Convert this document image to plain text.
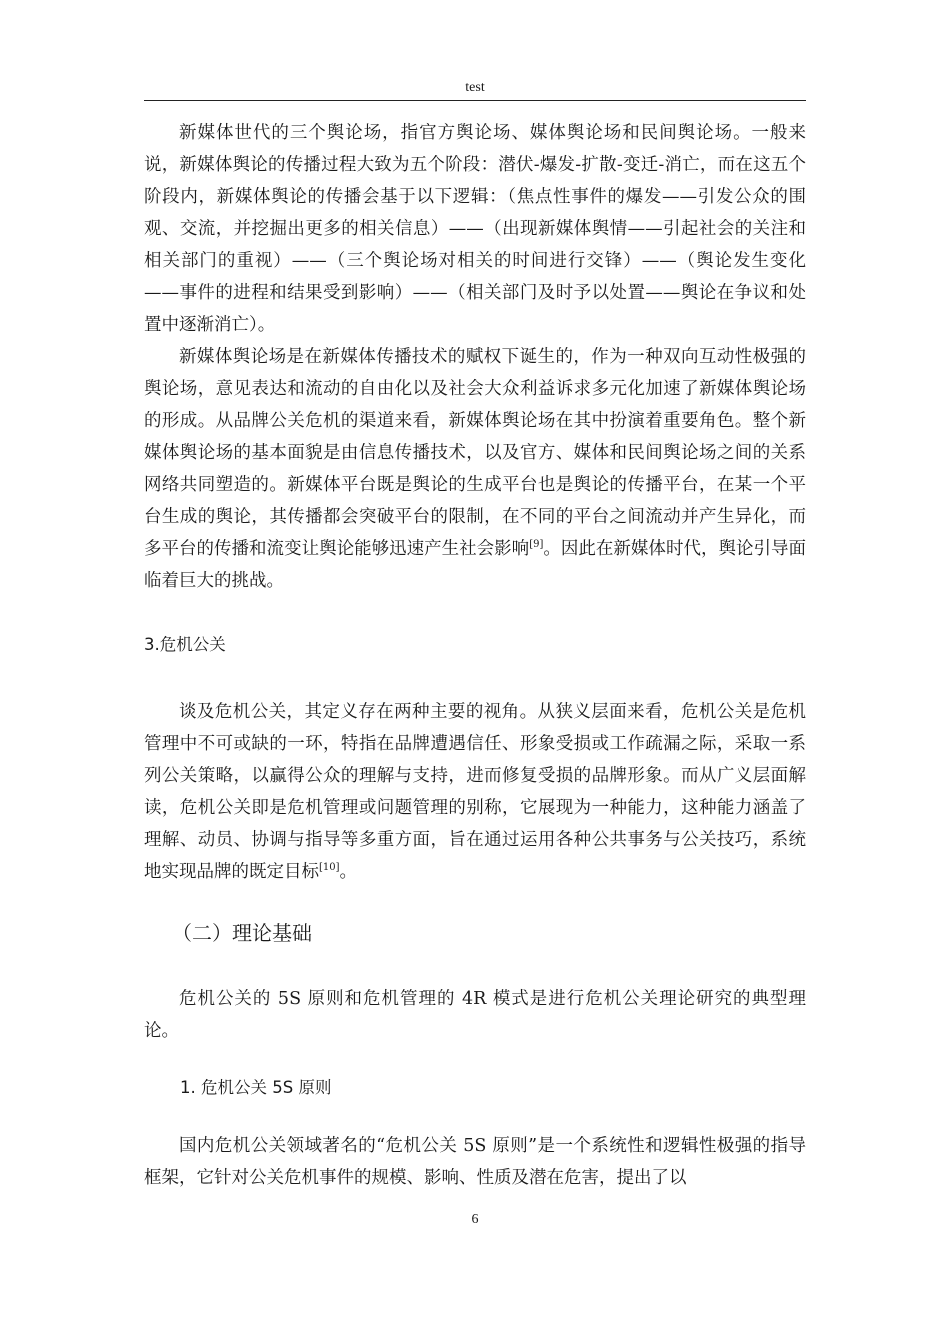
test

新媒体世代的三个舆论场，指官方舆论场、媒体舆论场和民间舆论场。一般来说，新媒体舆论的传播过程大致为五个阶段：潜伏-爆发-扩散-变迁-消亡，而在这五个阶段内，新媒体舆论的传播会基于以下逻辑：（焦点性事件的爆发——引发公众的围观、交流，并挖掘出更多的相关信息）——（出现新媒体舆情——引起社会的关注和相关部门的重视）——（三个舆论场对相关的时间进行交锋）——（舆论发生变化——事件的进程和结果受到影响）——（相关部门及时予以处置——舆论在争议和处置中逐渐消亡）。

新媒体舆论场是在新媒体传播技术的赋权下诞生的，作为一种双向互动性极强的舆论场，意见表达和流动的自由化以及社会大众利益诉求多元化加速了新媒体舆论场的形成。从品牌公关危机的渠道来看，新媒体舆论场在其中扮演着重要角色。整个新媒体舆论场的基本面貌是由信息传播技术，以及官方、媒体和民间舆论场之间的关系网络共同塑造的。新媒体平台既是舆论的生成平台也是舆论的传播平台，在某一个平台生成的舆论，其传播都会突破平台的限制，在不同的平台之间流动并产生异化，而多平台的传播和流变让舆论能够迅速产生社会影响[9]。因此在新媒体时代，舆论引导面临着巨大的挑战。

3.危机公关

谈及危机公关，其定义存在两种主要的视角。从狭义层面来看，危机公关是危机管理中不可或缺的一环，特指在品牌遭遇信任、形象受损或工作疏漏之际，采取一系列公关策略，以赢得公众的理解与支持，进而修复受损的品牌形象。而从广义层面解读，危机公关即是危机管理或问题管理的别称，它展现为一种能力，这种能力涵盖了理解、动员、协调与指导等多重方面，旨在通过运用各种公共事务与公关技巧，系统地实现品牌的既定目标[10]。

（二）理论基础

危机公关的 5S 原则和危机管理的 4R 模式是进行危机公关理论研究的典型理论。

1. 危机公关 5S 原则

国内危机公关领域著名的“危机公关 5S 原则”是一个系统性和逻辑性极强的指导框架，它针对公关危机事件的规模、影响、性质及潜在危害，提出了以

6
